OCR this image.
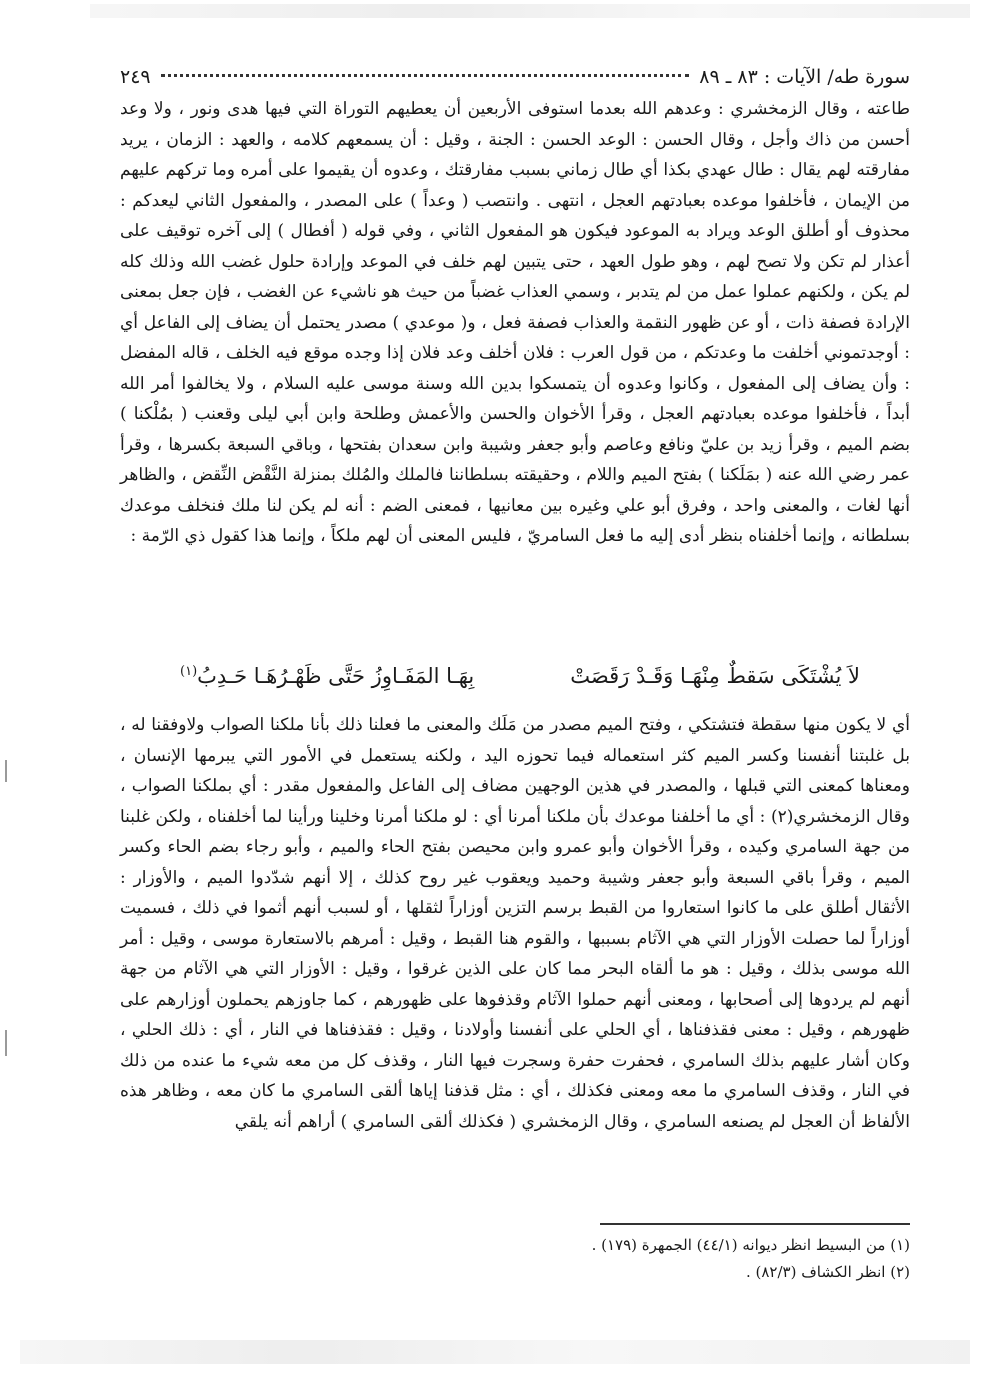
سورة طه/ الآيات : ٨٣ ـ ٨٩
٢٤٩
طاعته ، وقال الزمخشري : وعدهم الله بعدما استوفى الأربعين أن يعطيهم التوراة التي فيها هدى ونور ، ولا وعد أحسن من ذاك وأجل ، وقال الحسن : الوعد الحسن : الجنة ، وقيل : أن يسمعهم كلامه ، والعهد : الزمان ، يريد مفارقته لهم يقال : طال عهدي بكذا أي طال زماني بسبب مفارقتك ، وعدوه أن يقيموا على أمره وما تركهم عليهم من الإيمان ، فأخلفوا موعده بعبادتهم العجل ، انتهى . وانتصب ( وعداً ) على المصدر ، والمفعول الثاني ليعدكم : محذوف أو أطلق الوعد ويراد به الموعود فيكون هو المفعول الثاني ، وفي قوله ( أفطال ) إلى آخره توقيف على أعذار لم تكن ولا تصح لهم ، وهو طول العهد ، حتى يتبين لهم خلف في الموعد وإرادة حلول غضب الله وذلك كله لم يكن ، ولكنهم عملوا عمل من لم يتدبر ، وسمي العذاب غضباً من حيث هو ناشيء عن الغضب ، فإن جعل بمعنى الإرادة فصفة ذات ، أو عن ظهور النقمة والعذاب فصفة فعل ، و( موعدي ) مصدر يحتمل أن يضاف إلى الفاعل أي : أوجدتموني أخلفت ما وعدتكم ، من قول العرب : فلان أخلف وعد فلان إذا وجده موقع فيه الخلف ، قاله المفضل : وأن يضاف إلى المفعول ، وكانوا وعدوه أن يتمسكوا بدين الله وسنة موسى عليه السلام ، ولا يخالفوا أمر الله أبداً ، فأخلفوا موعده بعبادتهم العجل ، وقرأ الأخوان والحسن والأعمش وطلحة وابن أبي ليلى وقعنب ( بمُلْكنا ) بضم الميم ، وقرأ زيد بن عليّ ونافع وعاصم وأبو جعفر وشيبة وابن سعدان بفتحها ، وباقي السبعة بكسرها ، وقرأ عمر رضي الله عنه ( بمَلَكنا ) بفتح الميم واللام ، وحقيقته بسلطاننا فالملك والمُلك بمنزلة النَّقْض النِّقض ، والظاهر أنها لغات ، والمعنى واحد ، وفرق أبو علي وغيره بين معانيها ، فمعنى الضم : أنه لم يكن لنا ملك فنخلف موعدك بسلطانه ، وإنما أخلفناه بنظر أدى إليه ما فعل السامريّ ، فليس المعنى أن لهم ملكاً ، وإنما هذا كقول ذي الرّمة :
لاَ يُشْتَكَى سَقطٌ مِنْهَـا وَقَـدْ رَقَصَتْ
بِهَـا المَفَـاوِزُ حَتَّى ظَهْـرُهَـا حَـدِبُ$^{(١)}$
أي لا يكون منها سقطة فتشتكي ، وفتح الميم مصدر من مَلَك والمعنى ما فعلنا ذلك بأنا ملكنا الصواب ولاوفقنا له ، بل غلبتنا أنفسنا وكسر الميم كثر استعماله فيما تحوزه اليد ، ولكنه يستعمل في الأمور التي يبرمها الإنسان ، ومعناها كمعنى التي قبلها ، والمصدر في هذين الوجهين مضاف إلى الفاعل والمفعول مقدر : أي بملكنا الصواب ، وقال الزمخشري(٢) : أي ما أخلفنا موعدك بأن ملكنا أمرنا أي : لو ملكنا أمرنا وخلينا ورأينا لما أخلفناه ، ولكن غلبنا من جهة السامري وكيده ، وقرأ الأخوان وأبو عمرو وابن محيصن بفتح الحاء والميم ، وأبو رجاء بضم الحاء وكسر الميم ، وقرأ باقي السبعة وأبو جعفر وشيبة وحميد ويعقوب غير روح كذلك ، إلا أنهم شدّدوا الميم ، والأوزار : الأثقال أطلق على ما كانوا استعاروا من القبط برسم التزين أوزاراً لثقلها ، أو لسبب أنهم أثموا في ذلك ، فسميت أوزاراً لما حصلت الأوزار التي هي الآثام بسببها ، والقوم هنا القبط ، وقيل : أمرهم بالاستعارة موسى ، وقيل : أمر الله موسى بذلك ، وقيل : هو ما ألقاه البحر مما كان على الذين غرقوا ، وقيل : الأوزار التي هي الآثام من جهة أنهم لم يردوها إلى أصحابها ، ومعنى أنهم حملوا الآثام وقذفوها على ظهورهم ، كما جاوزهم يحملون أوزارهم على ظهورهم ، وقيل : معنى فقذفناها ، أي الحلي على أنفسنا وأولادنا ، وقيل : فقذفناها في النار ، أي : ذلك الحلي ، وكان أشار عليهم بذلك السامري ، فحفرت حفرة وسجرت فيها النار ، وقذف كل من معه شيء ما عنده من ذلك في النار ، وقذف السامري ما معه ومعنى فكذلك ، أي : مثل قذفنا إياها ألقى السامري ما كان معه ، وظاهر هذه الألفاظ أن العجل لم يصنعه السامري ، وقال الزمخشري ( فكذلك ألقى السامري ) أراهم أنه يلقي
(١) من البسيط انظر ديوانه (٤٤/١) الجمهرة (١٧٩) .
(٢) انظر الكشاف (٨٢/٣) .
